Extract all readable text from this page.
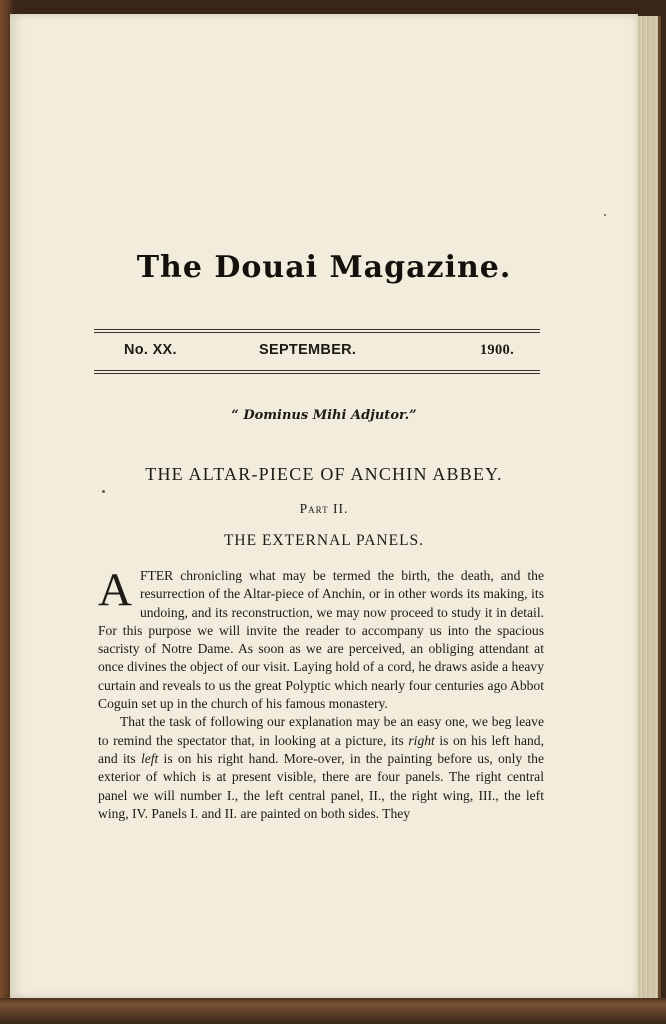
The Douai Magazine.
No. XX.	SEPTEMBER.	1900.
“ Dominus Mihi Adjutor.”
THE ALTAR-PIECE OF ANCHIN ABBEY.
Part II.
THE EXTERNAL PANELS.

AFTER chronicling what may be termed the birth, the death, and the resurrection of the Altar-piece of Anchin, or in other words its making, its undoing, and its reconstruction, we may now proceed to study it in detail. For this purpose we will invite the reader to accompany us into the spacious sacristy of Notre Dame. As soon as we are perceived, an obliging attendant at once divines the object of our visit. Laying hold of a cord, he draws aside a heavy curtain and reveals to us the great Polyptic which nearly four centuries ago Abbot Coguin set up in the church of his famous monastery.

That the task of following our explanation may be an easy one, we beg leave to remind the spectator that, in looking at a picture, its right is on his left hand, and its left is on his right hand. More-over, in the painting before us, only the exterior of which is at present visible, there are four panels. The right central panel we will number I., the left central panel, II., the right wing, III., the left wing, IV. Panels I. and II. are painted on both sides. They
